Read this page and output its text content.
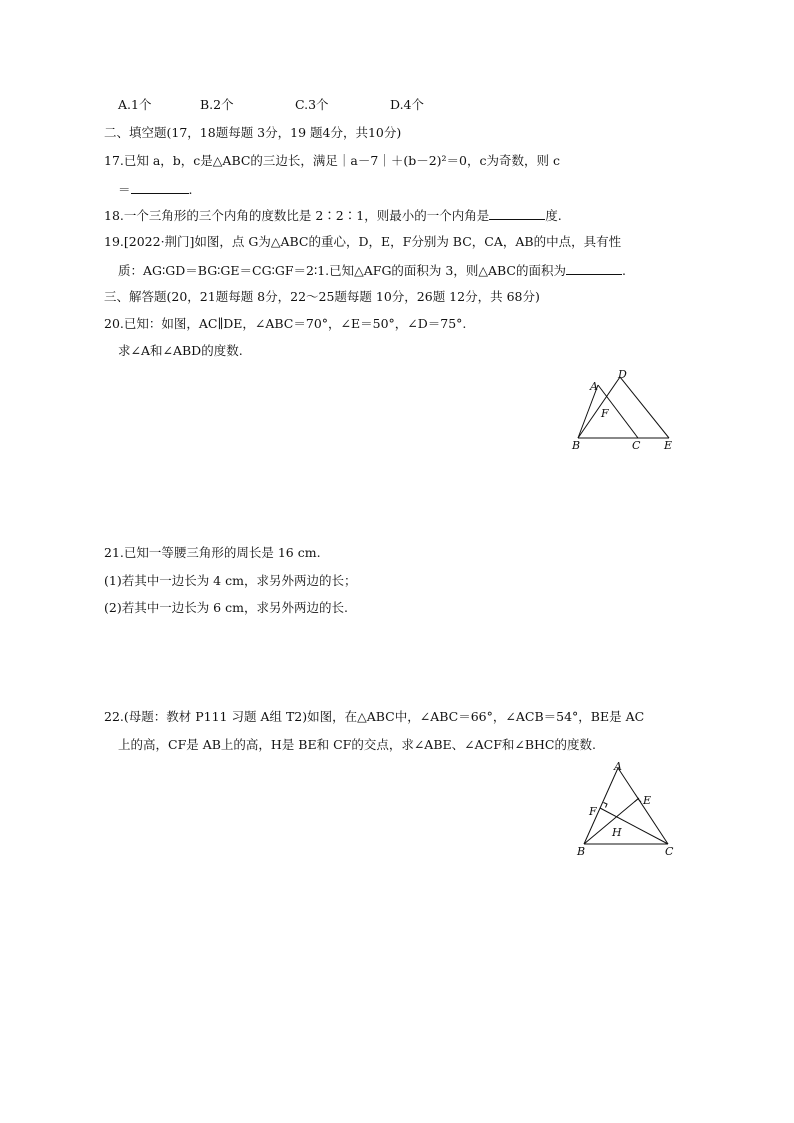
A.1个	B.2个	C.3个	D.4个
二、填空题(17，18题每题 3分，19 题4分，共10分)
17.已知 a，b，c是△ABC的三边长，满足｜a－7｜＋(b－2)²＝0，c为奇数，则 c
＝	.
18.一个三角形的三个内角的度数比是 2∶2∶1，则最小的一个内角是	度.
19.[2022·荆门]如图，点 G为△ABC的重心，D，E，F分别为 BC，CA，AB的中点，具有性
质：AG∶GD＝BG∶GE＝CG∶GF＝2∶1.已知△AFG的面积为 3，则△ABC的面积为	.
三、解答题(20，21题每题 8分，22～25题每题 10分，26题 12分，共 68分)
20.已知：如图，AC∥DE，∠ABC＝70°，∠E＝50°，∠D＝75°.
求∠A和∠ABD的度数.
A
D
F
B	C E
21.已知一等腰三角形的周长是 16 cm.
(1)若其中一边长为 4 cm，求另外两边的长；
(2)若其中一边长为 6 cm，求另外两边的长.
22.(母题：教材 P111 习题 A组 T2)如图，在△ABC中，∠ABC＝66°，∠ACB＝54°，BE是 AC
上的高，CF是 AB上的高，H是 BE和 CF的交点，求∠ABE、∠ACF和∠BHC的度数.
A
E
F
H
B	C
